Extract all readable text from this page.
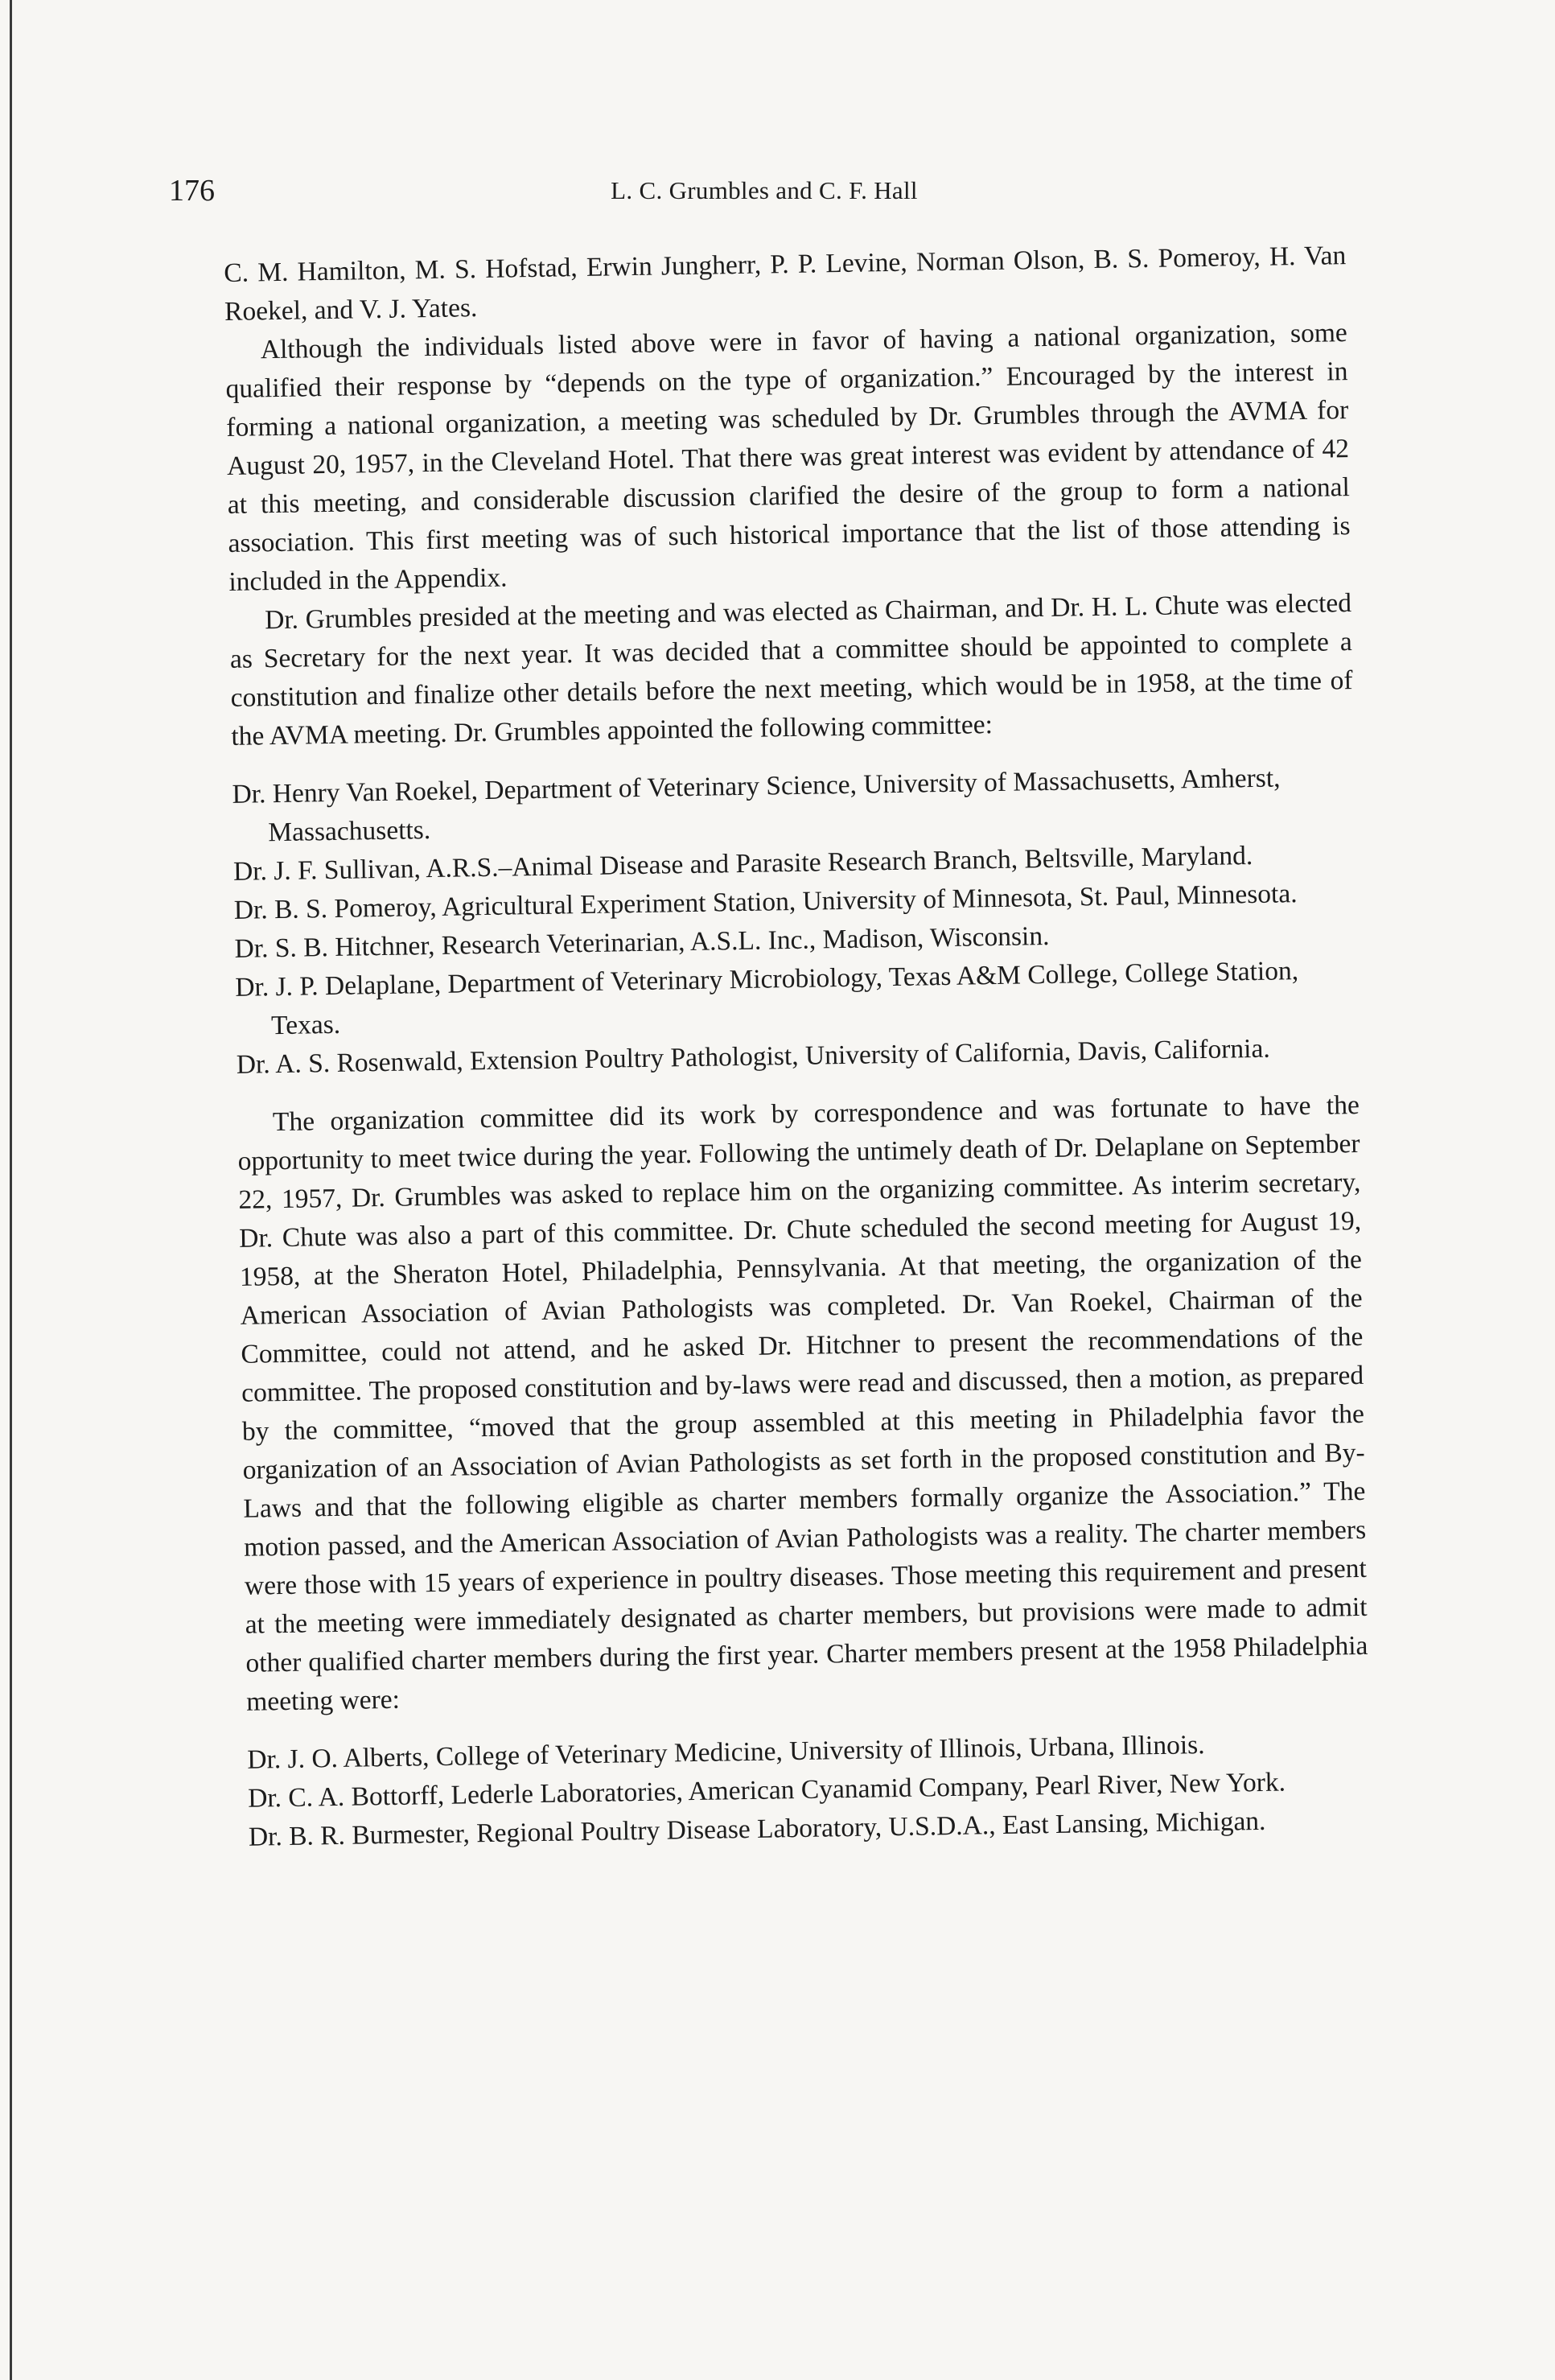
176	L. C. Grumbles and C. F. Hall

C. M. Hamilton, M. S. Hofstad, Erwin Jungherr, P. P. Levine, Norman Olson, B. S. Pomeroy, H. Van Roekel, and V. J. Yates.

Although the individuals listed above were in favor of having a national organization, some qualified their response by “depends on the type of organization.” Encouraged by the interest in forming a national organization, a meeting was scheduled by Dr. Grumbles through the AVMA for August 20, 1957, in the Cleveland Hotel. That there was great interest was evident by attendance of 42 at this meeting, and considerable discussion clarified the desire of the group to form a national association. This first meeting was of such historical importance that the list of those attending is included in the Appendix.

Dr. Grumbles presided at the meeting and was elected as Chairman, and Dr. H. L. Chute was elected as Secretary for the next year. It was decided that a committee should be appointed to complete a constitution and finalize other details before the next meeting, which would be in 1958, at the time of the AVMA meeting. Dr. Grumbles appointed the following committee:

Dr. Henry Van Roekel, Department of Veterinary Science, University of Massachusetts, Amherst, Massachusetts.

Dr. J. F. Sullivan, A.R.S.–Animal Disease and Parasite Research Branch, Beltsville, Maryland.

Dr. B. S. Pomeroy, Agricultural Experiment Station, University of Minnesota, St. Paul, Minnesota.

Dr. S. B. Hitchner, Research Veterinarian, A.S.L. Inc., Madison, Wisconsin.

Dr. J. P. Delaplane, Department of Veterinary Microbiology, Texas A&M College, College Station, Texas.

Dr. A. S. Rosenwald, Extension Poultry Pathologist, University of California, Davis, California.

The organization committee did its work by correspondence and was fortunate to have the opportunity to meet twice during the year. Following the untimely death of Dr. Delaplane on September 22, 1957, Dr. Grumbles was asked to replace him on the organizing committee. As interim secretary, Dr. Chute was also a part of this committee. Dr. Chute scheduled the second meeting for August 19, 1958, at the Sheraton Hotel, Philadelphia, Pennsylvania. At that meeting, the organization of the American Association of Avian Pathologists was completed. Dr. Van Roekel, Chairman of the Committee, could not attend, and he asked Dr. Hitchner to present the recommendations of the committee. The proposed constitution and by-laws were read and discussed, then a motion, as prepared by the committee, “moved that the group assembled at this meeting in Philadelphia favor the organization of an Association of Avian Pathologists as set forth in the proposed constitution and By-Laws and that the following eligible as charter members formally organize the Association.” The motion passed, and the American Association of Avian Pathologists was a reality. The charter members were those with 15 years of experience in poultry diseases. Those meeting this requirement and present at the meeting were immediately designated as charter members, but provisions were made to admit other qualified charter members during the first year. Charter members present at the 1958 Philadelphia meeting were:

Dr. J. O. Alberts, College of Veterinary Medicine, University of Illinois, Urbana, Illinois.

Dr. C. A. Bottorff, Lederle Laboratories, American Cyanamid Company, Pearl River, New York.

Dr. B. R. Burmester, Regional Poultry Disease Laboratory, U.S.D.A., East Lansing, Michigan.
